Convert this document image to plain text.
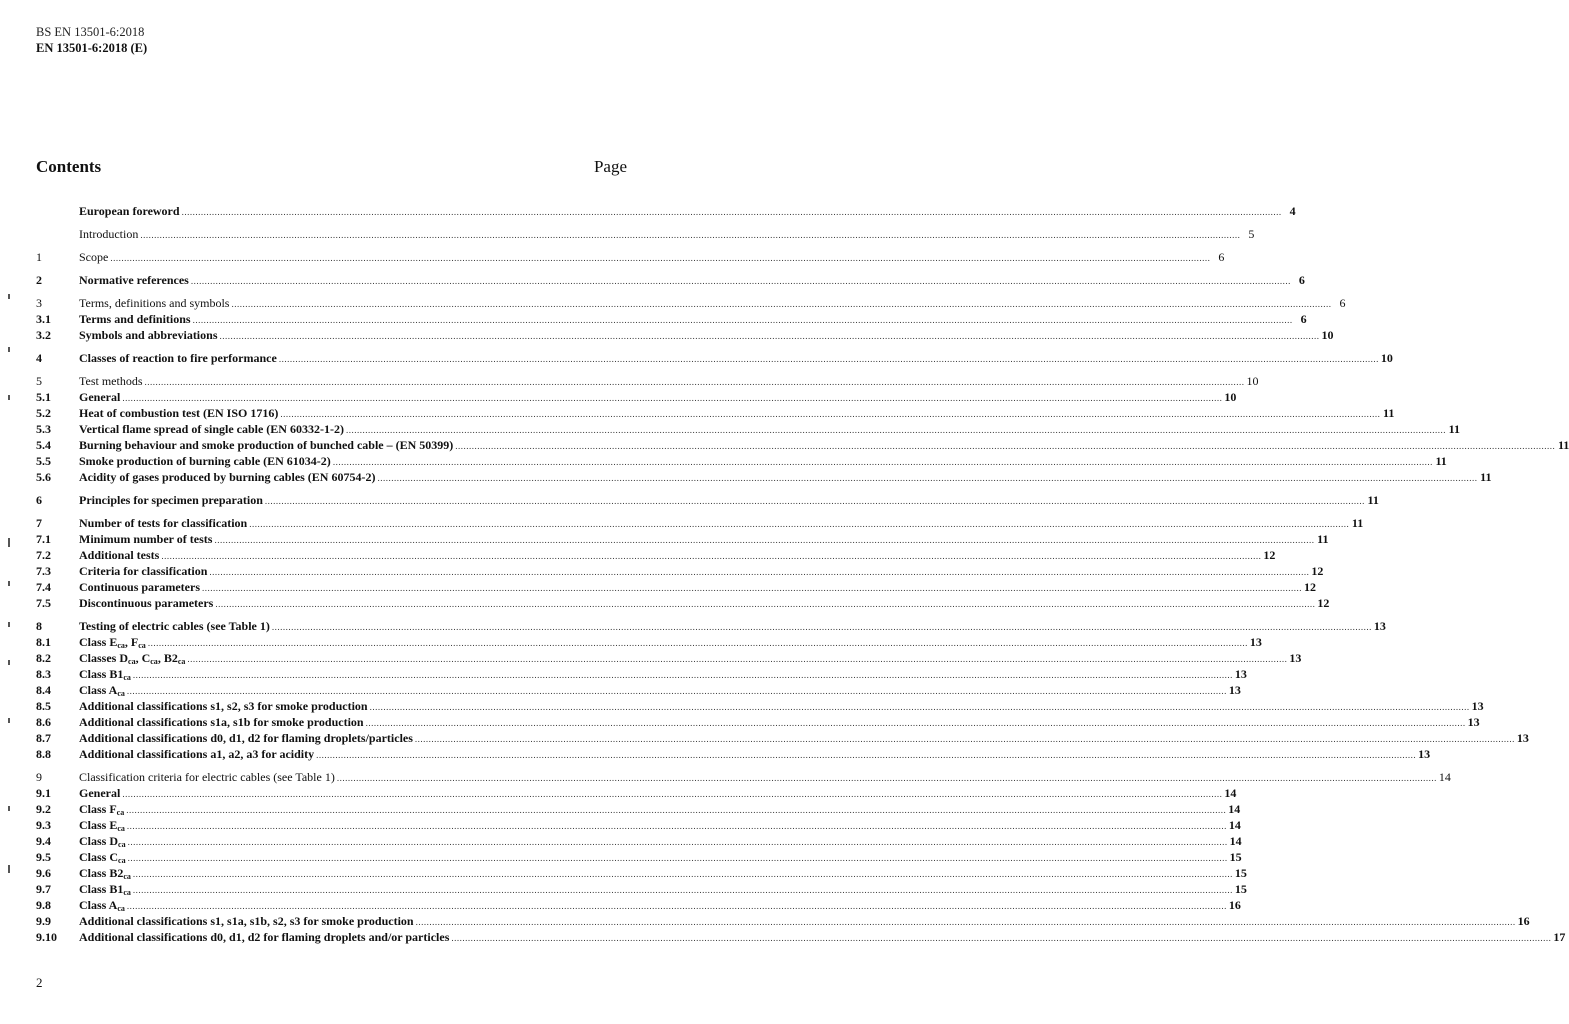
BS EN 13501-6:2018
EN 13501-6:2018 (E)
Contents	Page
European foreword ................................................................................................................................................................................................................................................................................................................................................................................................................ 4
Introduction ................................................................................................................................................................................................................................................................................................................................................................................................................ 5
1	Scope ................................................................................................................................................................................................................................................................................................................................................................................................................ 6
2	Normative references ................................................................................................................................................................................................................................................................................................................................................................................................................ 6
3	Terms, definitions and symbols ................................................................................................................................................................................................................................................................................................................................................................................................................ 6
3.1	Terms and definitions ................................................................................................................................................................................................................................................................................................................................................................................................................ 6
3.2	Symbols and abbreviations ................................................................................................................................................................................................................................................................................................................................................................................................................ 10
4	Classes of reaction to fire performance ................................................................................................................................................................................................................................................................................................................................................................................................................ 10
5	Test methods ................................................................................................................................................................................................................................................................................................................................................................................................................ 10
5.1	General ................................................................................................................................................................................................................................................................................................................................................................................................................ 10
5.2	Heat of combustion test (EN ISO 1716) ................................................................................................................................................................................................................................................................................................................................................................................................................ 11
5.3	Vertical flame spread of single cable (EN 60332-1-2) ................................................................................................................................................................................................................................................................................................................................................................................................................ 11
5.4	Burning behaviour and smoke production of bunched cable – (EN 50399) ................................................................................................................................................................................................................................................................................................................................................................................................................ 11
5.5	Smoke production of burning cable (EN 61034-2) ................................................................................................................................................................................................................................................................................................................................................................................................................ 11
5.6	Acidity of gases produced by burning cables (EN 60754-2) ................................................................................................................................................................................................................................................................................................................................................................................................................ 11
6	Principles for specimen preparation ................................................................................................................................................................................................................................................................................................................................................................................................................ 11
7	Number of tests for classification ................................................................................................................................................................................................................................................................................................................................................................................................................ 11
7.1	Minimum number of tests ................................................................................................................................................................................................................................................................................................................................................................................................................ 11
7.2	Additional tests ................................................................................................................................................................................................................................................................................................................................................................................................................ 12
7.3	Criteria for classification ................................................................................................................................................................................................................................................................................................................................................................................................................ 12
7.4	Continuous parameters ................................................................................................................................................................................................................................................................................................................................................................................................................ 12
7.5	Discontinuous parameters ................................................................................................................................................................................................................................................................................................................................................................................................................ 12
8	Testing of electric cables (see Table 1) ................................................................................................................................................................................................................................................................................................................................................................................................................ 13
8.1	Class $E_{ca}$, $F_{ca}$ ................................................................................................................................................................................................................................................................................................................................................................................................................ 13
8.2	Classes $D_{ca}$, $C_{ca}$, $B2_{ca}$ ................................................................................................................................................................................................................................................................................................................................................................................................................ 13
8.3	Class $B1_{ca}$ ................................................................................................................................................................................................................................................................................................................................................................................................................ 13
8.4	Class $A_{ca}$ ................................................................................................................................................................................................................................................................................................................................................................................................................ 13
8.5	Additional classifications s1, s2, s3 for smoke production ................................................................................................................................................................................................................................................................................................................................................................................................................ 13
8.6	Additional classifications s1a, s1b for smoke production ................................................................................................................................................................................................................................................................................................................................................................................................................ 13
8.7	Additional classifications d0, d1, d2 for flaming droplets/particles ................................................................................................................................................................................................................................................................................................................................................................................................................ 13
8.8	Additional classifications a1, a2, a3 for acidity ................................................................................................................................................................................................................................................................................................................................................................................................................ 13
9	Classification criteria for electric cables (see Table 1) ................................................................................................................................................................................................................................................................................................................................................................................................................ 14
9.1	General ................................................................................................................................................................................................................................................................................................................................................................................................................ 14
9.2	Class $F_{ca}$ ................................................................................................................................................................................................................................................................................................................................................................................................................ 14
9.3	Class $E_{ca}$ ................................................................................................................................................................................................................................................................................................................................................................................................................ 14
9.4	Class $D_{ca}$ ................................................................................................................................................................................................................................................................................................................................................................................................................ 14
9.5	Class $C_{ca}$ ................................................................................................................................................................................................................................................................................................................................................................................................................ 15
9.6	Class $B2_{ca}$ ................................................................................................................................................................................................................................................................................................................................................................................................................ 15
9.7	Class $B1_{ca}$ ................................................................................................................................................................................................................................................................................................................................................................................................................ 15
9.8	Class $A_{ca}$ ................................................................................................................................................................................................................................................................................................................................................................................................................ 16
9.9	Additional classifications s1, s1a, s1b, s2, s3 for smoke production ................................................................................................................................................................................................................................................................................................................................................................................................................ 16
9.10	Additional classifications d0, d1, d2 for flaming droplets and/or particles ................................................................................................................................................................................................................................................................................................................................................................................................................ 17
2
